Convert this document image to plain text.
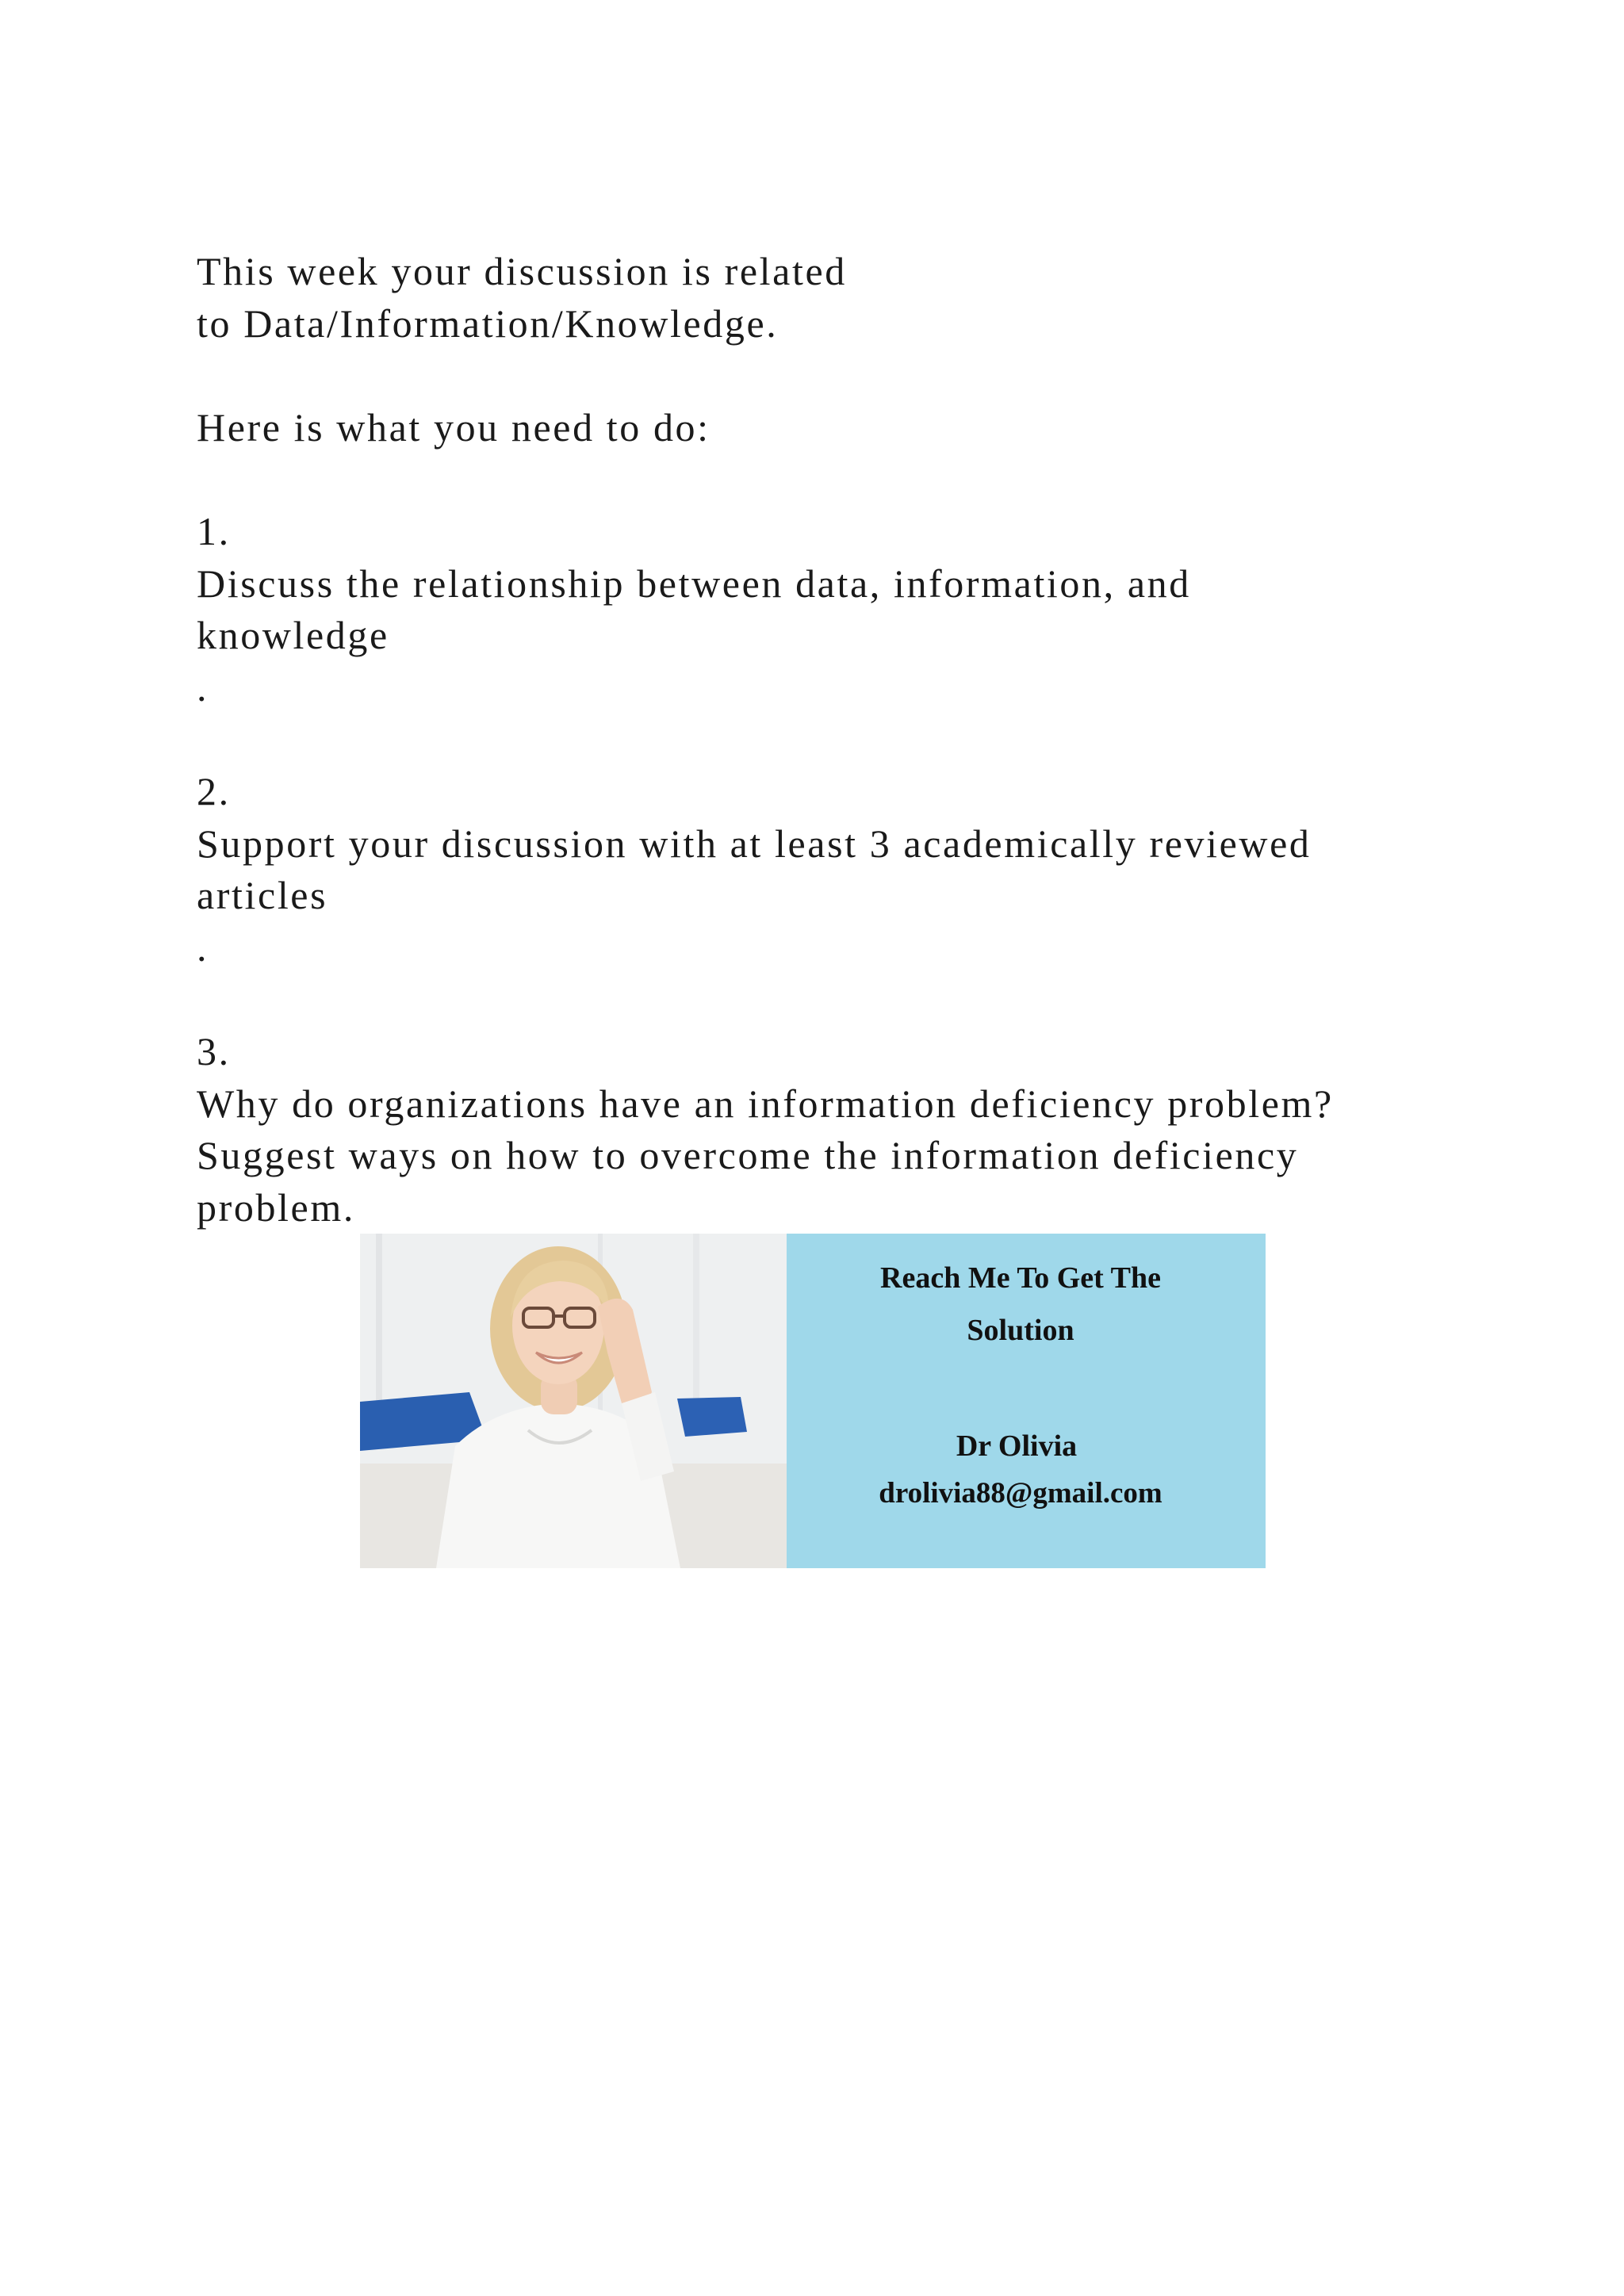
This week your discussion is related
to Data/Information/Knowledge.
Here is what you need to do:
1.
Discuss the relationship between data, information, and
knowledge
.
2.
Support your discussion with at least 3 academically reviewed
articles
.
3.
Why do organizations have an information deficiency problem?
Suggest ways on how to overcome the information deficiency
problem.
Reach Me To Get The
Solution
Dr Olivia
drolivia88@gmail.com
